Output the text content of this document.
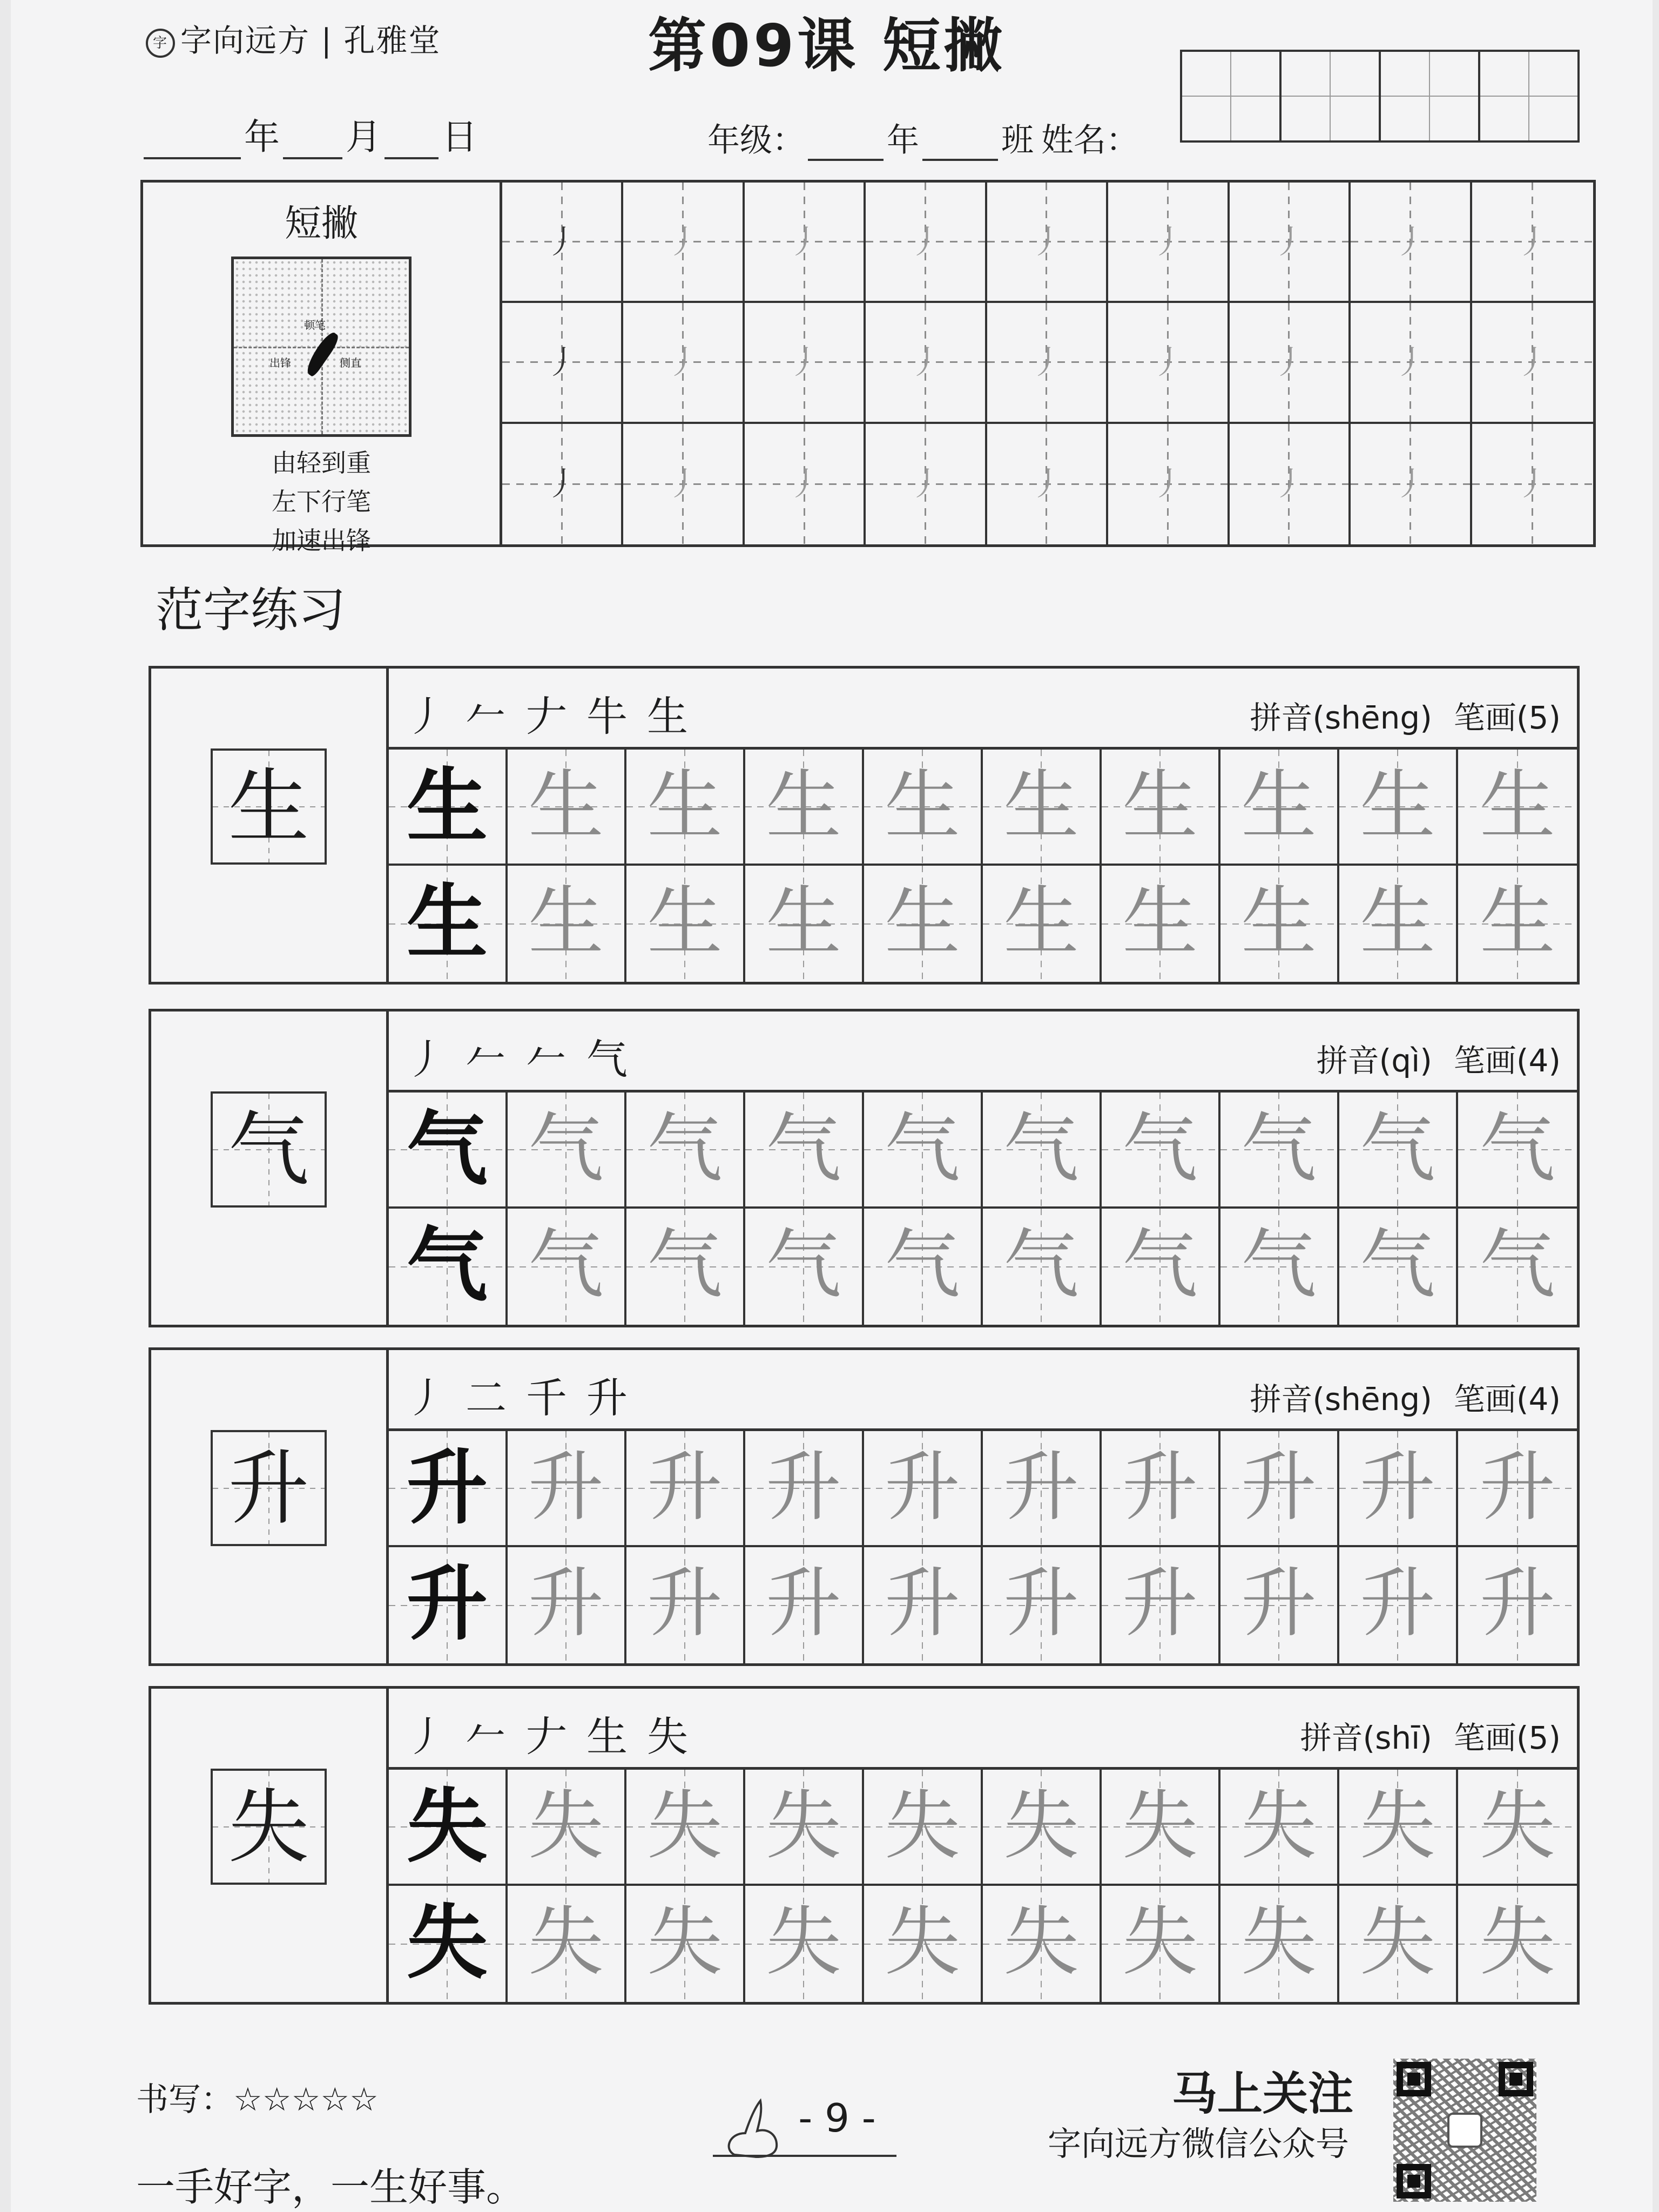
字 字向远方 | 孔雅堂	第09课 短撇
年 月 日	年级：	年	班 姓名：
短撇
顿笔
出锋	侧直
由轻到重
左下行笔
加速出锋
丿	丿	丿	丿	丿	丿	丿	丿	丿
丿	丿	丿	丿	丿	丿	丿	丿	丿
丿	丿	丿	丿	丿	丿	丿	丿	丿
范字练习
生
丿𠂉𠂇牛生	拼音(shēng) 笔画(5)
生 生 生 生 生 生 生 生 生 生
生 生 生 生 生 生 生 生 生 生
气
丿𠂉𠂉气	拼音(qì) 笔画(4)
气 气 气 气 气 气 气 气 气 气
气 气 气 气 气 气 气 气 气 气
升
丿二千升	拼音(shēng) 笔画(4)
升 升 升 升 升 升 升 升 升 升
升 升 升 升 升 升 升 升 升 升
失
丿𠂉𠂇生失	拼音(shī) 笔画(5)
失 失 失 失 失 失 失 失 失 失
失 失 失 失 失 失 失 失 失 失
书写：☆☆☆☆☆
一手好字，一生好事。
- 9 -	马上关注
字向远方微信公众号
